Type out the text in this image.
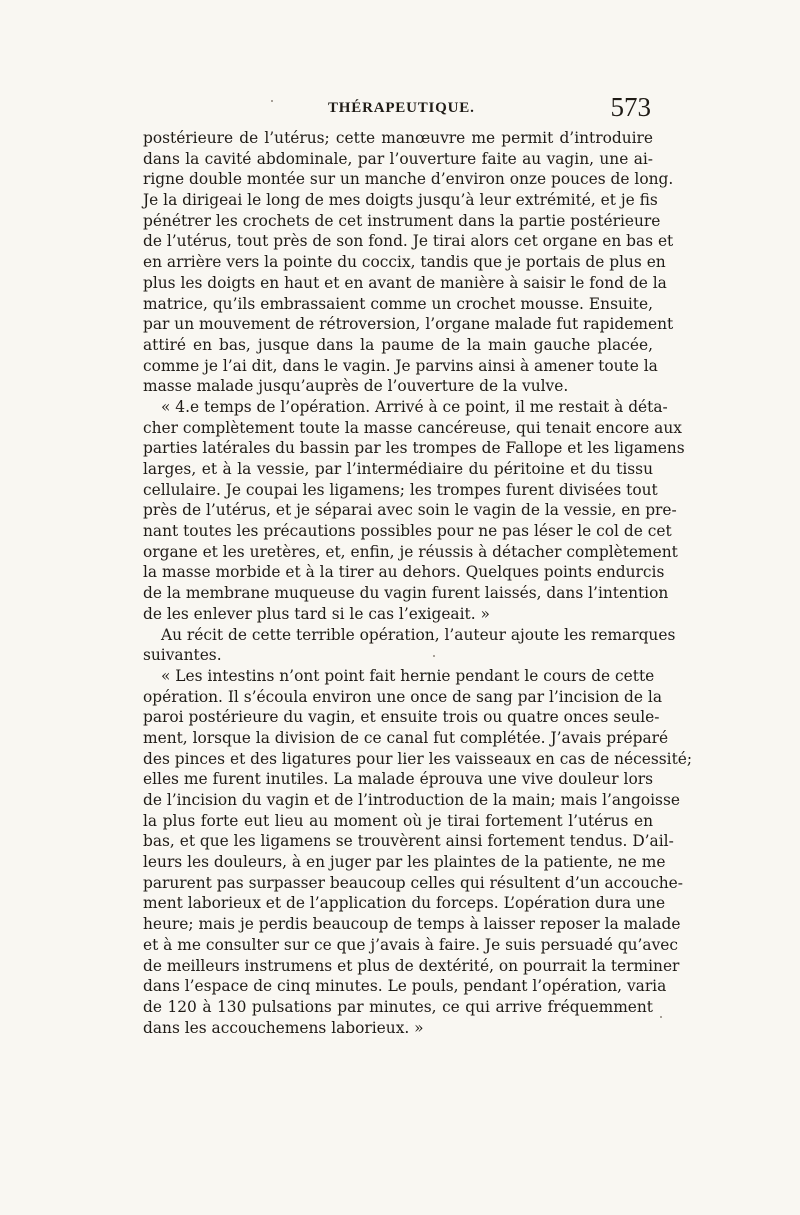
THÉRAPEUTIQUE.	573
postérieure de l’utérus; cette manœuvre me permit d’introduire
dans la cavité abdominale, par l’ouverture faite au vagin, une ai-
rigne double montée sur un manche d’environ onze pouces de long.
Je la dirigeai le long de mes doigts jusqu’à leur extrémité, et je fis
pénétrer les crochets de cet instrument dans la partie postérieure
de l’utérus, tout près de son fond. Je tirai alors cet organe en bas et
en arrière vers la pointe du coccix, tandis que je portais de plus en
plus les doigts en haut et en avant de manière à saisir le fond de la
matrice, qu’ils embrassaient comme un crochet mousse. Ensuite,
par un mouvement de rétroversion, l’organe malade fut rapidement
attiré en bas, jusque dans la paume de la main gauche placée,
comme je l’ai dit, dans le vagin. Je parvins ainsi à amener toute la
masse malade jusqu’auprès de l’ouverture de la vulve.
« 4.e temps de l’opération. Arrivé à ce point, il me restait à déta-
cher complètement toute la masse cancéreuse, qui tenait encore aux
parties latérales du bassin par les trompes de Fallope et les ligamens
larges, et à la vessie, par l’intermédiaire du péritoine et du tissu
cellulaire. Je coupai les ligamens; les trompes furent divisées tout
près de l’utérus, et je séparai avec soin le vagin de la vessie, en pre-
nant toutes les précautions possibles pour ne pas léser le col de cet
organe et les uretères, et, enfin, je réussis à détacher complètement
la masse morbide et à la tirer au dehors. Quelques points endurcis
de la membrane muqueuse du vagin furent laissés, dans l’intention
de les enlever plus tard si le cas l’exigeait. »
Au récit de cette terrible opération, l’auteur ajoute les remarques
suivantes.
« Les intestins n’ont point fait hernie pendant le cours de cette
opération. Il s’écoula environ une once de sang par l’incision de la
paroi postérieure du vagin, et ensuite trois ou quatre onces seule-
ment, lorsque la division de ce canal fut complétée. J’avais préparé
des pinces et des ligatures pour lier les vaisseaux en cas de nécessité;
elles me furent inutiles. La malade éprouva une vive douleur lors
de l’incision du vagin et de l’introduction de la main; mais l’angoisse
la plus forte eut lieu au moment où je tirai fortement l’utérus en
bas, et que les ligamens se trouvèrent ainsi fortement tendus. D’ail-
leurs les douleurs, à en juger par les plaintes de la patiente, ne me
parurent pas surpasser beaucoup celles qui résultent d’un accouche-
ment laborieux et de l’application du forceps. L’opération dura une
heure; mais je perdis beaucoup de temps à laisser reposer la malade
et à me consulter sur ce que j’avais à faire. Je suis persuadé qu’avec
de meilleurs instrumens et plus de dextérité, on pourrait la terminer
dans l’espace de cinq minutes. Le pouls, pendant l’opération, varia
de 120 à 130 pulsations par minutes, ce qui arrive fréquemment
dans les accouchemens laborieux. »
